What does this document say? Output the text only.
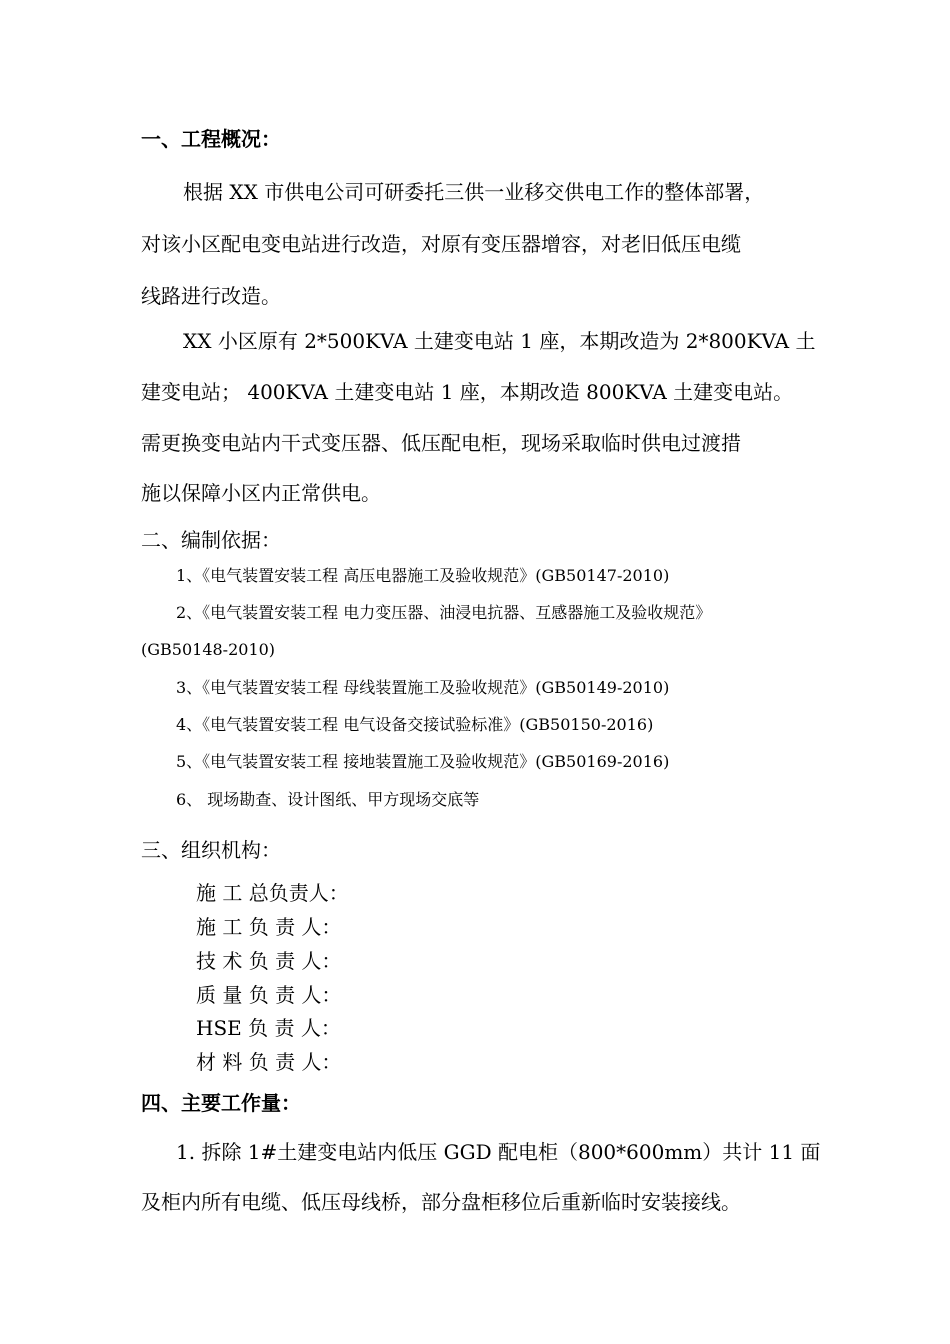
一、工程概况：
根据 XX 市供电公司可研委托三供一业移交供电工作的整体部署，
对该小区配电变电站进行改造，对原有变压器增容，对老旧低压电缆
线路进行改造。
XX 小区原有 2*500KVA 土建变电站 1 座，本期改造为 2*800KVA 土
建变电站； 400KVA 土建变电站 1 座，本期改造 800KVA 土建变电站。
需更换变电站内干式变压器、低压配电柜，现场采取临时供电过渡措
施以保障小区内正常供电。
二、编制依据：
1、《电气装置安装工程 高压电器施工及验收规范》(GB50147-2010)
2、《电气装置安装工程 电力变压器、油浸电抗器、互感器施工及验收规范》
(GB50148-2010)
3、《电气装置安装工程 母线装置施工及验收规范》(GB50149-2010)
4、《电气装置安装工程 电气设备交接试验标准》(GB50150-2016)
5、《电气装置安装工程 接地装置施工及验收规范》(GB50169-2016)
6、 现场勘查、设计图纸、甲方现场交底等
三、组织机构：
施 工 总负责人：
施 工 负 责 人：
技 术 负 责 人：
质 量 负 责 人：
HSE 负 责 人：
材 料 负 责 人：
四、主要工作量：
1. 拆除 1#土建变电站内低压 GGD 配电柜（800*600mm）共计 11 面
及柜内所有电缆、低压母线桥，部分盘柜移位后重新临时安装接线。
